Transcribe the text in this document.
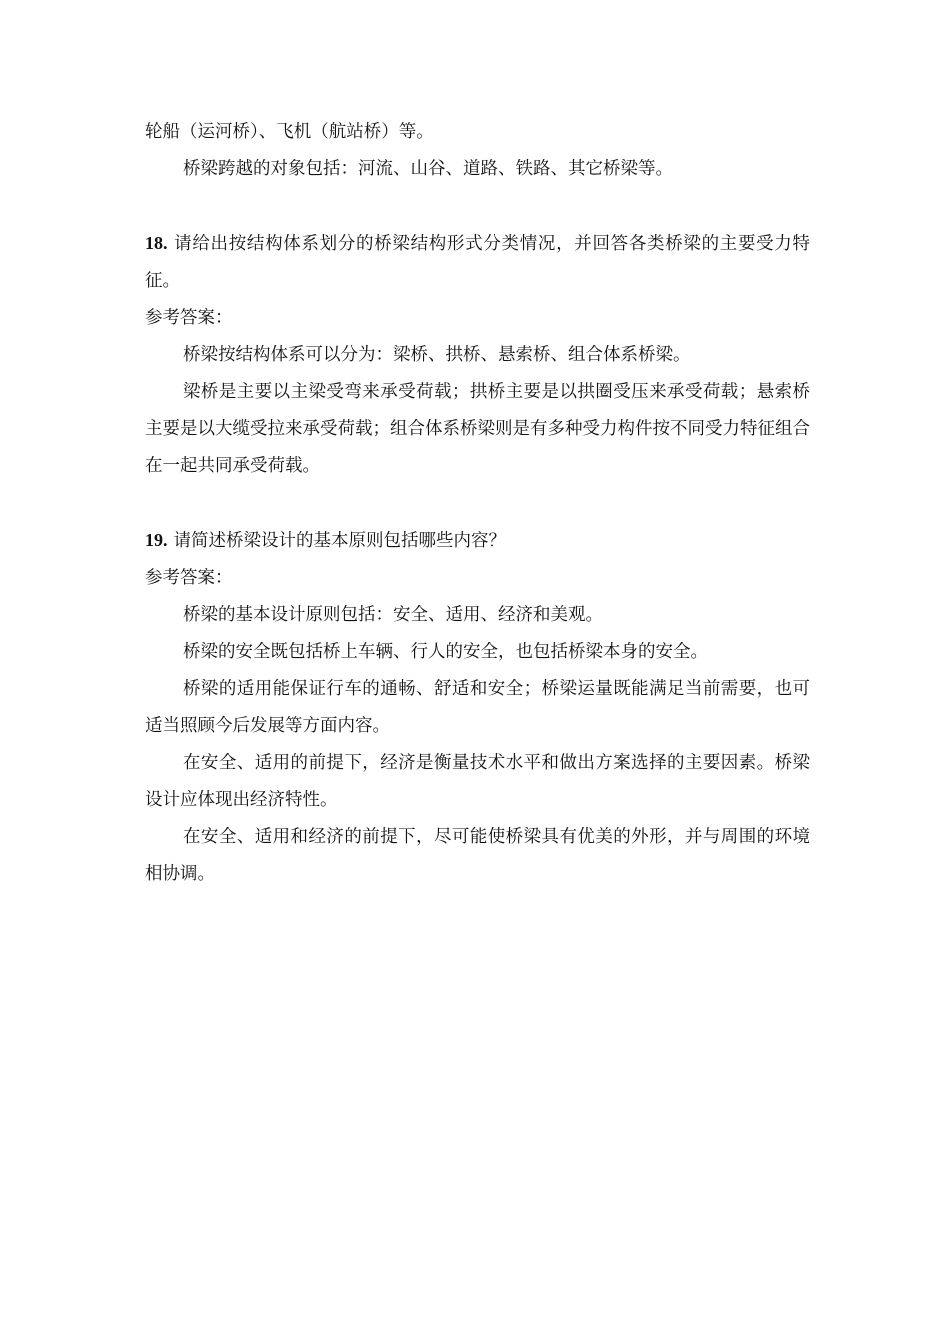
轮船（运河桥）、飞机（航站桥）等。

桥梁跨越的对象包括：河流、山谷、道路、铁路、其它桥梁等。

18. 请给出按结构体系划分的桥梁结构形式分类情况，并回答各类桥梁的主要受力特征。

参考答案：

桥梁按结构体系可以分为：梁桥、拱桥、悬索桥、组合体系桥梁。

梁桥是主要以主梁受弯来承受荷载；拱桥主要是以拱圈受压来承受荷载；悬索桥主要是以大缆受拉来承受荷载；组合体系桥梁则是有多种受力构件按不同受力特征组合在一起共同承受荷载。

19. 请简述桥梁设计的基本原则包括哪些内容？

参考答案：

桥梁的基本设计原则包括：安全、适用、经济和美观。

桥梁的安全既包括桥上车辆、行人的安全，也包括桥梁本身的安全。

桥梁的适用能保证行车的通畅、舒适和安全；桥梁运量既能满足当前需要，也可适当照顾今后发展等方面内容。

在安全、适用的前提下，经济是衡量技术水平和做出方案选择的主要因素。桥梁设计应体现出经济特性。

在安全、适用和经济的前提下，尽可能使桥梁具有优美的外形，并与周围的环境相协调。
